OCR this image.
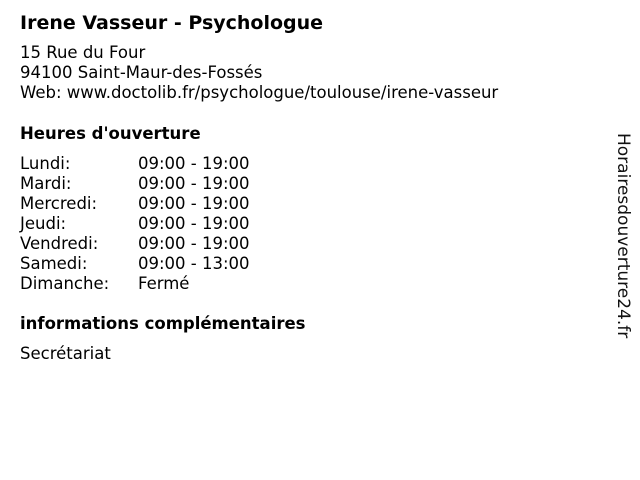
Irene Vasseur - Psychologue
15 Rue du Four
94100 Saint-Maur-des-Fossés
Web: www.doctolib.fr/psychologue/toulouse/irene-vasseur
Heures d'ouverture
Lundi:	09:00 - 19:00
Mardi:	09:00 - 19:00
Mercredi: 09:00 - 19:00
Jeudi:	09:00 - 19:00
Vendredi: 09:00 - 19:00
Samedi:	09:00 - 13:00
Dimanche: Fermé
informations complémentaires
Secrétariat
Horairesdouverture24.fr
